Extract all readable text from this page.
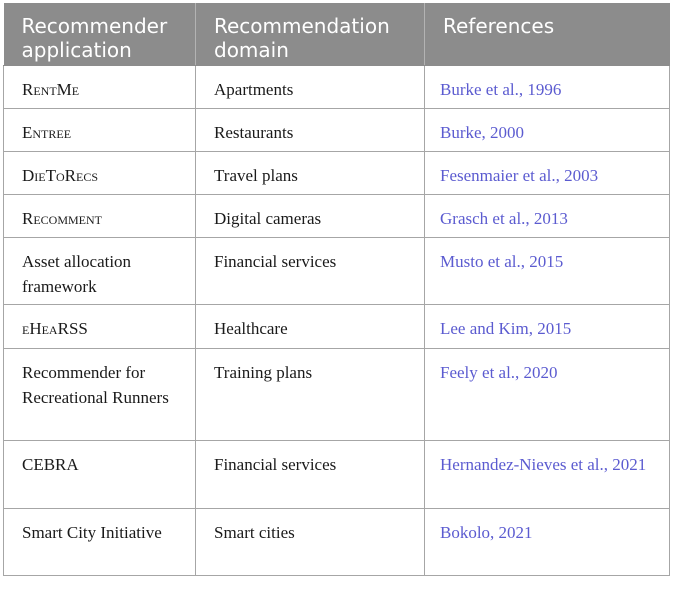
Recommender application	Recommendation domain	References
RentMe	Apartments	Burke et al., 1996
Entree	Restaurants	Burke, 2000
DieToRecs	Travel plans	Fesenmaier et al., 2003
Recomment	Digital cameras	Grasch et al., 2013
Asset allocation framework	Financial services	Musto et al., 2015
eHeaRSS	Healthcare	Lee and Kim, 2015
Recommender for Recreational Runners	Training plans	Feely et al., 2020
CEBRA	Financial services	Hernandez-Nieves et al., 2021
Smart City Initiative	Smart cities	Bokolo, 2021
